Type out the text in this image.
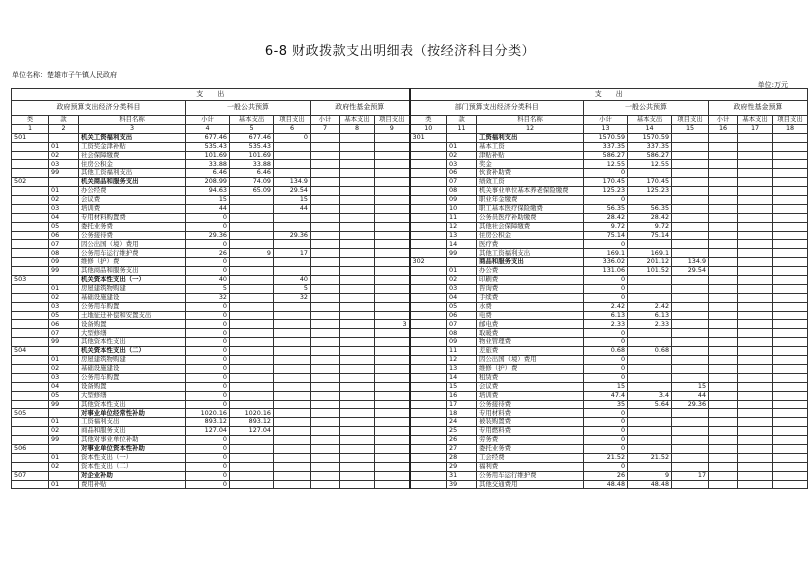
6-8 财政拨款支出明细表（按经济科目分类）
单位名称：楚雄市子午镇人民政府
单位:万元
支　　出									支　　出								
政府预算支出经济分类科目			一般公共预算			政府性基金预算			部门预算支出经济分类科目			一般公共预算			政府性基金预算		
类	款	科目名称	小计	基本支出	项目支出	小计	基本支出	项目支出	类	款	科目名称	小计	基本支出	项目支出	小计	基本支出	项目支出
1	2	3	4	5	6	7	8	9	10	11	12	13	14	15	16	17	18
501		机关工资福利支出	677.46	677.46	0				301		工资福利支出	1570.59	1570.59				
	01	工资奖金津补贴	535.43	535.43						01	基本工资	337.35	337.35				
	02	社会保障缴费	101.69	101.69						02	津贴补贴	586.27	586.27				
	03	住房公积金	33.88	33.88						03	奖金	12.55	12.55				
	99	其他工资福利支出	6.46	6.46						06	伙食补助费	0					
502		机关商品和服务支出	208.99	74.09	134.9					07	绩效工资	170.45	170.45				
	01	办公经费	94.63	65.09	29.54					08	机关事业单位基本养老保险缴费	125.23	125.23				
	02	会议费	15		15					09	职业年金缴费	0					
	03	培训费	44		44					10	职工基本医疗保险缴费	56.35	56.35				
	04	专用材料购置费	0							11	公务员医疗补助缴费	28.42	28.42				
	05	委托业务费	0							12	其他社会保障缴费	9.72	9.72				
	06	公务接待费	29.36		29.36					13	住房公积金	75.14	75.14				
	07	因公出国（境）费用	0							14	医疗费	0					
	08	公务用车运行维护费	26	9	17					99	其他工资福利支出	169.1	169.1				
	09	维修（护）费	0						302		商品和服务支出	336.02	201.12	134.9			
	99	其他商品和服务支出	0							01	办公费	131.06	101.52	29.54			
503		机关资本性支出（一）	40		40					02	印刷费	0					
	01	房屋建筑物购建	5		5					03	咨询费	0					
	02	基础设施建设	32		32					04	手续费	0					
	03	公务用车购置	0							05	水费	2.42	2.42				
	05	土地征迁补偿和安置支出	0							06	电费	6.13	6.13				
	06	设备购置	0					3		07	邮电费	2.33	2.33				
	07	大型修缮	0							08	取暖费	0					
	99	其他资本性支出	0							09	物业管理费	0					
504		机关资本性支出（二）	0							11	差旅费	0.68	0.68				
	01	房屋建筑物购建	0							12	因公出国（境）费用	0					
	02	基础设施建设	0							13	维修（护）费	0					
	03	公务用车购置	0							14	租赁费	0					
	04	设备购置	0							15	会议费	15		15			
	05	大型修缮	0							16	培训费	47.4	3.4	44			
	99	其他资本性支出	0							17	公务接待费	35	5.64	29.36			
505		对事业单位经常性补助	1020.16	1020.16						18	专用材料费	0					
	01	工资福利支出	893.12	893.12						24	被装购置费	0					
	02	商品和服务支出	127.04	127.04						25	专用燃料费	0					
	99	其他对事业单位补助	0							26	劳务费	0					
506		对事业单位资本性补助	0							27	委托业务费	0					
	01	资本性支出（一）	0							28	工会经费	21.52	21.52				
	02	资本性支出（二）	0							29	福利费	0					
507		对企业补助	0							31	公务用车运行维护费	26	9	17			
	01	费用补贴	0							39	其他交通费用	48.48	48.48				
